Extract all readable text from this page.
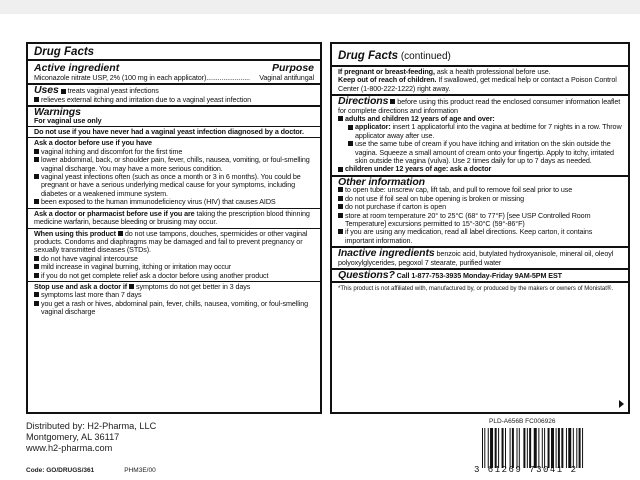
Drug Facts
Active ingredient	Purpose
Miconazole nitrate USP, 2% (100 mg in each applicator)....................... Vaginal antifungal
Uses treats vaginal yeast infections
relieves external itching and irritation due to a vaginal yeast infection
Warnings
For vaginal use only
Do not use if you have never had a vaginal yeast infection diagnosed by a doctor.
Ask a doctor before use if you have
vaginal itching and discomfort for the first time
lower abdominal, back, or shoulder pain, fever, chills, nausea, vomiting, or foul-smelling vaginal discharge. You may have a more serious condition.
vaginal yeast infections often (such as once a month or 3 in 6 months). You could be pregnant or have a serious underlying medical cause for your symptoms, including diabetes or a weakened immune system.
been exposed to the human immunodeficiency virus (HIV) that causes AIDS
Ask a doctor or pharmacist before use if you are taking the prescription blood thinning medicine warfarin, because bleeding or bruising may occur.
When using this product do not use tampons, douches, spermicides or other vaginal products. Condoms and diaphragms may be damaged and fail to prevent pregnancy or sexually transmitted diseases (STDs).
do not have vaginal intercourse
mild increase in vaginal burning, itching or irritation may occur
if you do not get complete relief ask a doctor before using another product
Stop use and ask a doctor if symptoms do not get better in 3 days
symptoms last more than 7 days
you get a rash or hives, abdominal pain, fever, chills, nausea, vomiting, or foul-smelling vaginal discharge
Drug Facts (continued)
If pregnant or breast-feeding, ask a health professional before use.
Keep out of reach of children. If swallowed, get medical help or contact a Poison Control Center (1-800-222-1222) right away.
Directions before using this product read the enclosed consumer information leaflet for complete directions and information
adults and children 12 years of age and over:
applicator: insert 1 applicatorful into the vagina at bedtime for 7 nights in a row. Throw applicator away after use.
use the same tube of cream if you have itching and irritation on the skin outside the vagina. Squeeze a small amount of cream onto your fingertip. Apply to itchy, irritated skin outside the vagina (vulva). Use 2 times daily for up to 7 days as needed.
children under 12 years of age: ask a doctor
Other information
to open tube: unscrew cap, lift tab, and pull to remove foil seal prior to use
do not use if foil seal on tube opening is broken or missing
do not purchase if carton is open
store at room temperature 20° to 25°C (68° to 77°F) [see USP Controlled Room Temperature] excursions permitted to 15°-30°C (59°-86°F)
if you are using any medication, read all label directions. Keep carton, it contains important information.
Inactive ingredients benzoic acid, butylated hydroxyanisole, mineral oil, oleoyl polyoxylglycerides, pegoxol 7 stearate, purified water
Questions? Call 1-877-753-3935 Monday-Friday 9AM-5PM EST
*This product is not affiliated with, manufactured by, or produced by the makers or owners of Monistat®.
Distributed by: H2-Pharma, LLC
Montgomery, AL 36117
www.h2-pharma.com
Code: GO/DRUGS/361	PHM3E/00
PLD-A656B FC006926
3 61269 73041 2
